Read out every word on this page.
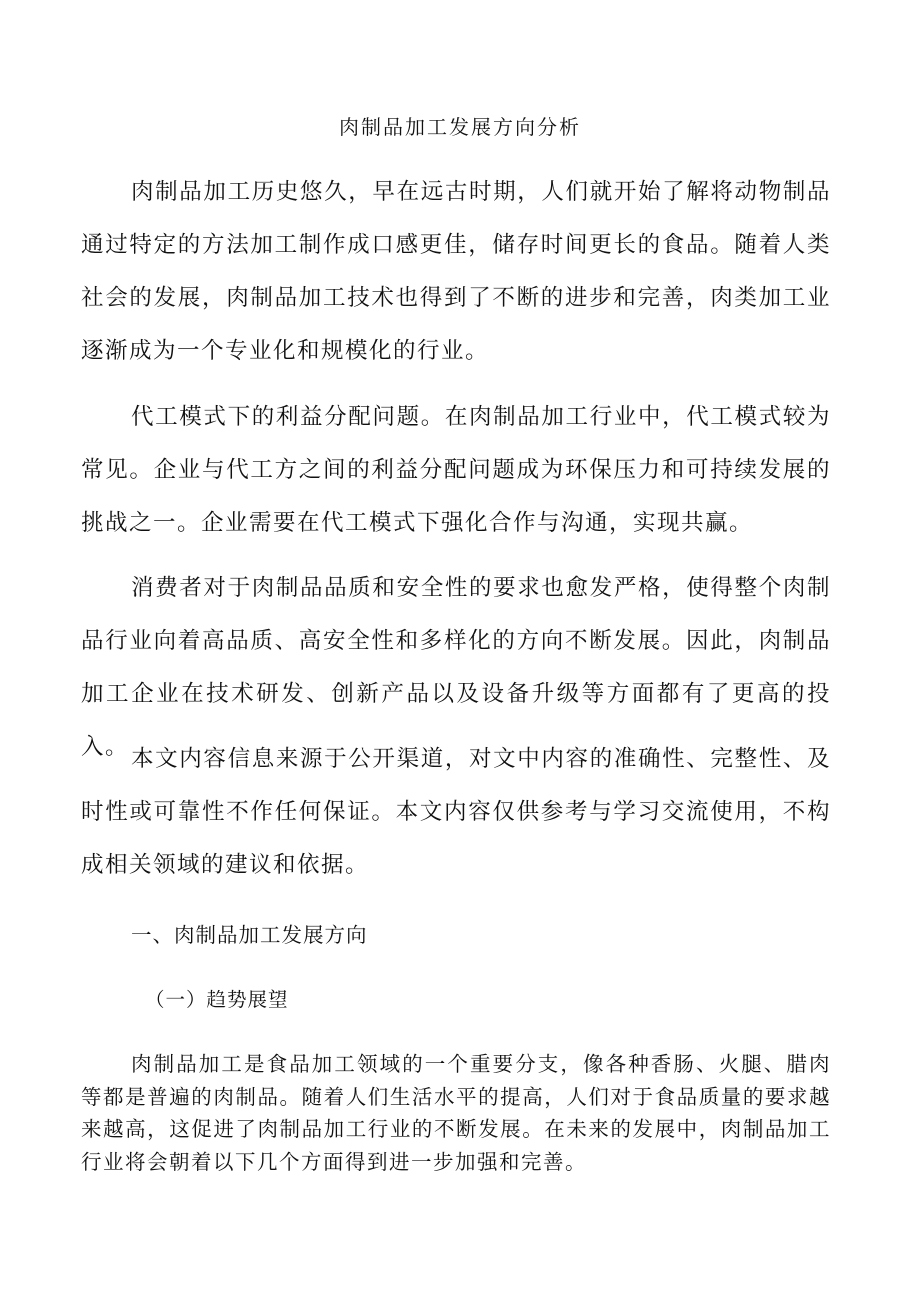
肉制品加工发展方向分析

肉制品加工历史悠久，早在远古时期，人们就开始了解将动物制品通过特定的方法加工制作成口感更佳，储存时间更长的食品。随着人类社会的发展，肉制品加工技术也得到了不断的进步和完善，肉类加工业逐渐成为一个专业化和规模化的行业。

代工模式下的利益分配问题。在肉制品加工行业中，代工模式较为常见。企业与代工方之间的利益分配问题成为环保压力和可持续发展的挑战之一。企业需要在代工模式下强化合作与沟通，实现共赢。

消费者对于肉制品品质和安全性的要求也愈发严格，使得整个肉制品行业向着高品质、高安全性和多样化的方向不断发展。因此，肉制品加工企业在技术研发、创新产品以及设备升级等方面都有了更高的投入。 本文内容信息来源于公开渠道，对文中内容的准确性、完整性、及时性或可靠性不作任何保证。本文内容仅供参考与学习交流使用，不构成相关领域的建议和依据。

一、肉制品加工发展方向
（一）趋势展望

肉制品加工是食品加工领域的一个重要分支，像各种香肠、火腿、腊肉等都是普遍的肉制品。随着人们生活水平的提高，人们对于食品质量的要求越来越高，这促进了肉制品加工行业的不断发展。在未来的发展中，肉制品加工行业将会朝着以下几个方面得到进一步加强和完善。
